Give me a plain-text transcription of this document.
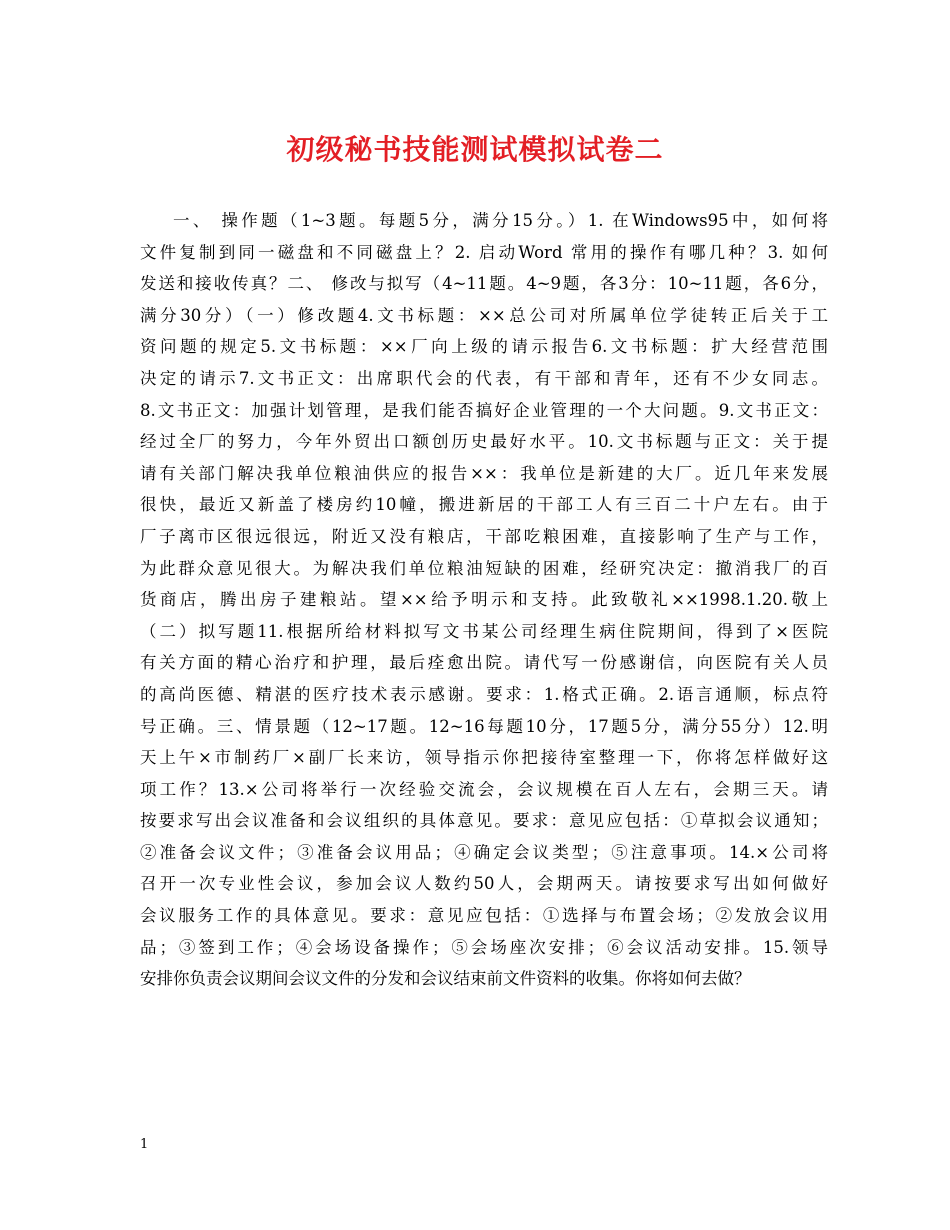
初级秘书技能测试模拟试卷二
一、 操作题（1~3题。每题5分，满分15分。）1. 在Windows95中，如何将
文件复制到同一磁盘和不同磁盘上？2. 启动Word 常用的操作有哪几种？3. 如何
发送和接收传真？二、 修改与拟写（4~11题。4~9题，各3分：10~11题，各6分，
满分30分）（一）修改题4.文书标题：××总公司对所属单位学徒转正后关于工
资问题的规定5.文书标题：××厂向上级的请示报告6.文书标题：扩大经营范围
决定的请示7.文书正文：出席职代会的代表，有干部和青年，还有不少女同志。
8.文书正文：加强计划管理，是我们能否搞好企业管理的一个大问题。9.文书正文：
经过全厂的努力，今年外贸出口额创历史最好水平。10.文书标题与正文：关于提
请有关部门解决我单位粮油供应的报告××：我单位是新建的大厂。近几年来发展
很快，最近又新盖了楼房约10幢，搬进新居的干部工人有三百二十户左右。由于
厂子离市区很远很远，附近又没有粮店，干部吃粮困难，直接影响了生产与工作，
为此群众意见很大。为解决我们单位粮油短缺的困难，经研究决定：撤消我厂的百
货商店，腾出房子建粮站。望××给予明示和支持。此致敬礼××1998.1.20.敬上
（二）拟写题11.根据所给材料拟写文书某公司经理生病住院期间，得到了×医院
有关方面的精心治疗和护理，最后痊愈出院。请代写一份感谢信，向医院有关人员
的高尚医德、精湛的医疗技术表示感谢。要求：1.格式正确。2.语言通顺，标点符
号正确。三、情景题（12~17题。12~16每题10分，17题5分，满分55分）12.明
天上午×市制药厂×副厂长来访，领导指示你把接待室整理一下，你将怎样做好这
项工作？13.×公司将举行一次经验交流会，会议规模在百人左右，会期三天。请
按要求写出会议准备和会议组织的具体意见。要求：意见应包括：①草拟会议通知；
②准备会议文件；③准备会议用品；④确定会议类型；⑤注意事项。14.×公司将
召开一次专业性会议，参加会议人数约50人，会期两天。请按要求写出如何做好
会议服务工作的具体意见。要求：意见应包括：①选择与布置会场；②发放会议用
品；③签到工作；④会场设备操作；⑤会场座次安排；⑥会议活动安排。15.领导
安排你负责会议期间会议文件的分发和会议结束前文件资料的收集。你将如何去做？
1
